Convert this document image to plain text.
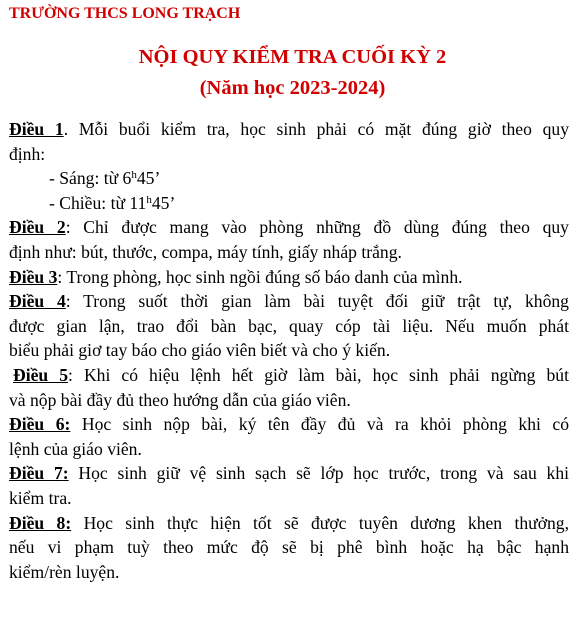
TRƯỜNG THCS LONG TRẠCH
NỘI QUY KIỂM TRA CUỐI KỲ 2
(Năm học 2023-2024)
Điều 1. Mỗi buổi kiểm tra, học sinh phải có mặt đúng giờ theo quy
định:
- Sáng: từ 6$^h$45’
- Chiều: từ 11$^h$45’
Điều 2: Chỉ được mang vào phòng những đồ dùng đúng theo quy
định như: bút, thước, compa, máy tính, giấy nháp trắng.
Điều 3: Trong phòng, học sinh ngồi đúng số báo danh của mình.
Điều 4: Trong suốt thời gian làm bài tuyệt đối giữ trật tự, không
được gian lận, trao đổi bàn bạc, quay cóp tài liệu. Nếu muốn phát
biểu phải giơ tay báo cho giáo viên biết và cho ý kiến.
Điều 5: Khi có hiệu lệnh hết giờ làm bài, học sinh phải ngừng bút
và nộp bài đầy đủ theo hướng dẫn của giáo viên.
Điều 6: Học sinh nộp bài, ký tên đầy đủ và ra khỏi phòng khi có
lệnh của giáo viên.
Điều 7: Học sinh giữ vệ sinh sạch sẽ lớp học trước, trong và sau khi
kiểm tra.
Điều 8: Học sinh thực hiện tốt sẽ được tuyên dương khen thưởng,
nếu vi phạm tuỳ theo mức độ sẽ bị phê bình hoặc hạ bậc hạnh
kiểm/rèn luyện.
